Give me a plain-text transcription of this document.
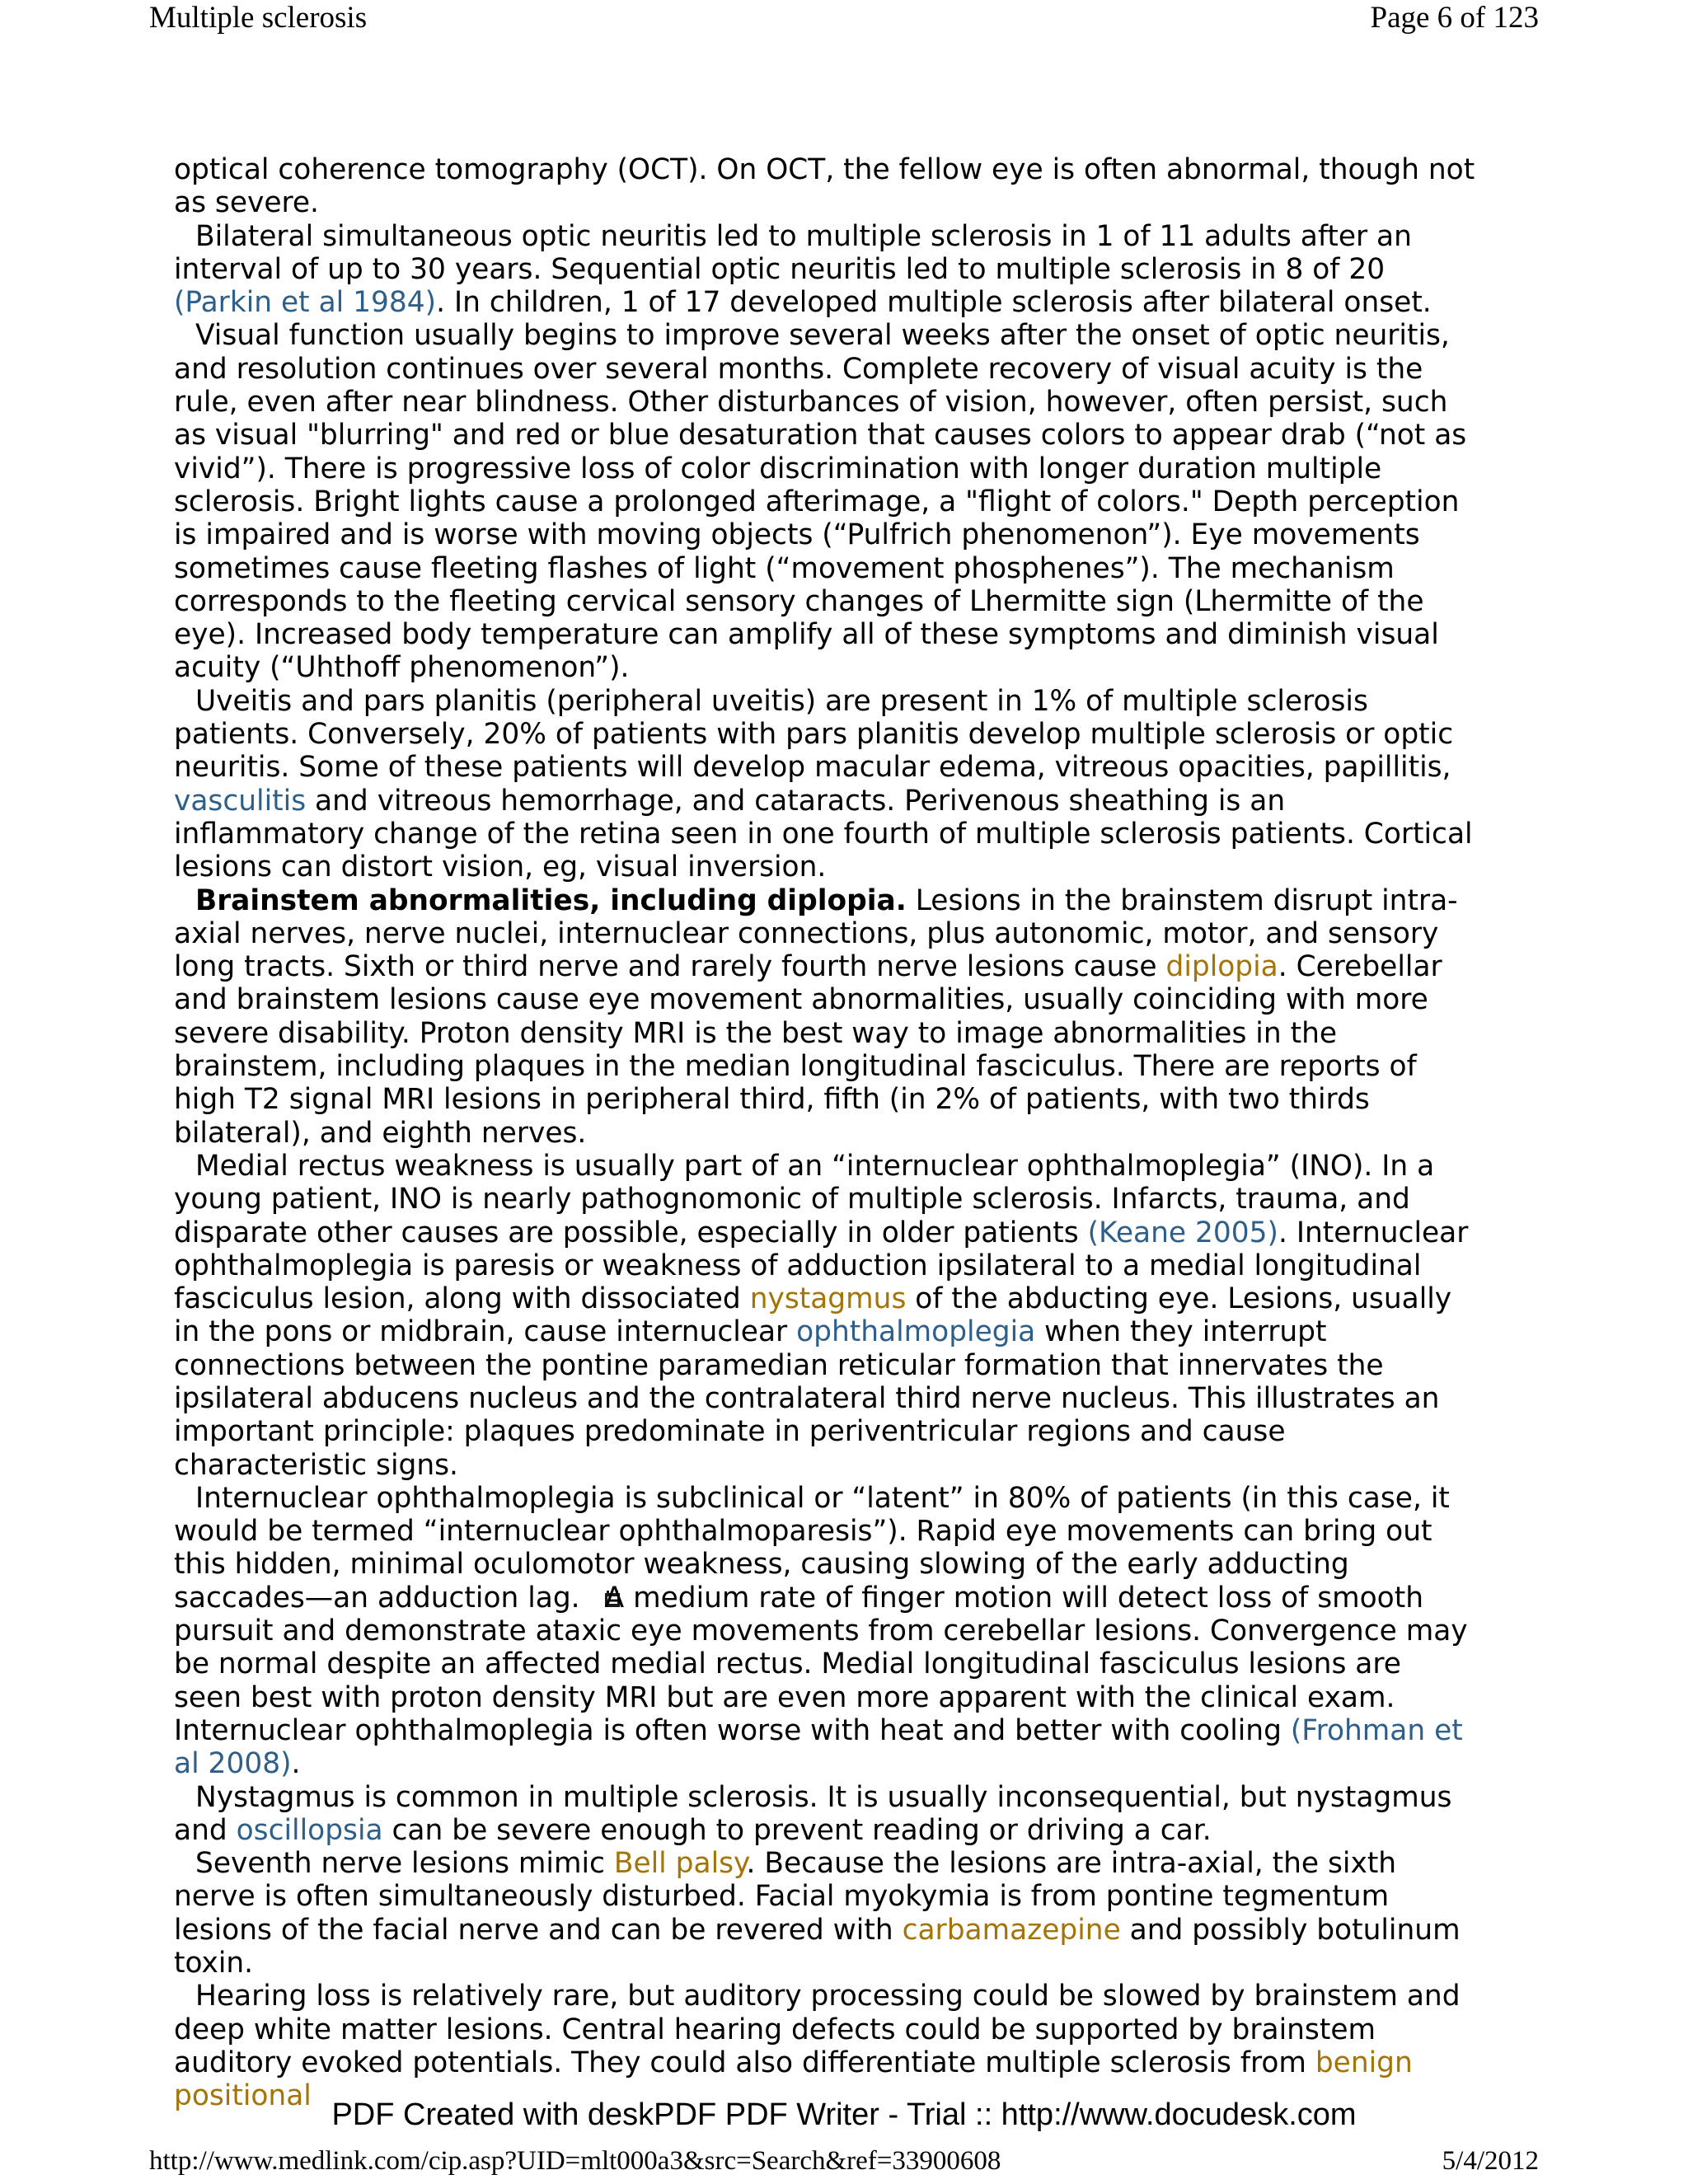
Multiple sclerosis	Page 6 of 123

optical coherence tomography (OCT). On OCT, the fellow eye is often abnormal, though not as severe.

Bilateral simultaneous optic neuritis led to multiple sclerosis in 1 of 11 adults after an interval of up to 30 years. Sequential optic neuritis led to multiple sclerosis in 8 of 20 (Parkin et al 1984). In children, 1 of 17 developed multiple sclerosis after bilateral onset.

Visual function usually begins to improve several weeks after the onset of optic neuritis, and resolution continues over several months. Complete recovery of visual acuity is the rule, even after near blindness. Other disturbances of vision, however, often persist, such as visual "blurring" and red or blue desaturation that causes colors to appear drab (“not as vivid”). There is progressive loss of color discrimination with longer duration multiple sclerosis. Bright lights cause a prolonged afterimage, a "flight of colors." Depth perception is impaired and is worse with moving objects (“Pulfrich phenomenon”). Eye movements sometimes cause fleeting flashes of light (“movement phosphenes”). The mechanism corresponds to the fleeting cervical sensory changes of Lhermitte sign (Lhermitte of the eye). Increased body temperature can amplify all of these symptoms and diminish visual acuity (“Uhthoff phenomenon”).

Uveitis and pars planitis (peripheral uveitis) are present in 1% of multiple sclerosis patients. Conversely, 20% of patients with pars planitis develop multiple sclerosis or optic neuritis. Some of these patients will develop macular edema, vitreous opacities, papillitis, vasculitis and vitreous hemorrhage, and cataracts. Perivenous sheathing is an inflammatory change of the retina seen in one fourth of multiple sclerosis patients. Cortical lesions can distort vision, eg, visual inversion.

Brainstem abnormalities, including diplopia. Lesions in the brainstem disrupt intra-axial nerves, nerve nuclei, internuclear connections, plus autonomic, motor, and sensory long tracts. Sixth or third nerve and rarely fourth nerve lesions cause diplopia. Cerebellar and brainstem lesions cause eye movement abnormalities, usually coinciding with more severe disability. Proton density MRI is the best way to image abnormalities in the brainstem, including plaques in the median longitudinal fasciculus. There are reports of high T2 signal MRI lesions in peripheral third, fifth (in 2% of patients, with two thirds bilateral), and eighth nerves.

Medial rectus weakness is usually part of an “internuclear ophthalmoplegia” (INO). In a young patient, INO is nearly pathognomonic of multiple sclerosis. Infarcts, trauma, and disparate other causes are possible, especially in older patients (Keane 2005). Internuclear ophthalmoplegia is paresis or weakness of adduction ipsilateral to a medial longitudinal fasciculus lesion, along with dissociated nystagmus of the abducting eye. Lesions, usually in the pons or midbrain, cause internuclear ophthalmoplegia when they interrupt connections between the pontine paramedian reticular formation that innervates the ipsilateral abducens nucleus and the contralateral third nerve nucleus. This illustrates an important principle: plaques predominate in periventricular regions and cause characteristic signs.

Internuclear ophthalmoplegia is subclinical or “latent” in 80% of patients (in this case, it would be termed “internuclear ophthalmoparesis”). Rapid eye movements can bring out this hidden, minimal oculomotor weakness, causing slowing of the early adducting saccades—an adduction lag. A medium rate of finger motion will detect loss of smooth pursuit and demonstrate ataxic eye movements from cerebellar lesions. Convergence may be normal despite an affected medial rectus. Medial longitudinal fasciculus lesions are seen best with proton density MRI but are even more apparent with the clinical exam. Internuclear ophthalmoplegia is often worse with heat and better with cooling (Frohman et al 2008).

Nystagmus is common in multiple sclerosis. It is usually inconsequential, but nystagmus and oscillopsia can be severe enough to prevent reading or driving a car.

Seventh nerve lesions mimic Bell palsy. Because the lesions are intra-axial, the sixth nerve is often simultaneously disturbed. Facial myokymia is from pontine tegmentum lesions of the facial nerve and can be revered with carbamazepine and possibly botulinum toxin.

Hearing loss is relatively rare, but auditory processing could be slowed by brainstem and deep white matter lesions. Central hearing defects could be supported by brainstem auditory evoked potentials. They could also differentiate multiple sclerosis from benign positional

PDF Created with deskPDF PDF Writer - Trial :: http://www.docudesk.com
http://www.medlink.com/cip.asp?UID=mlt000a3&src=Search&ref=33900608	5/4/2012
